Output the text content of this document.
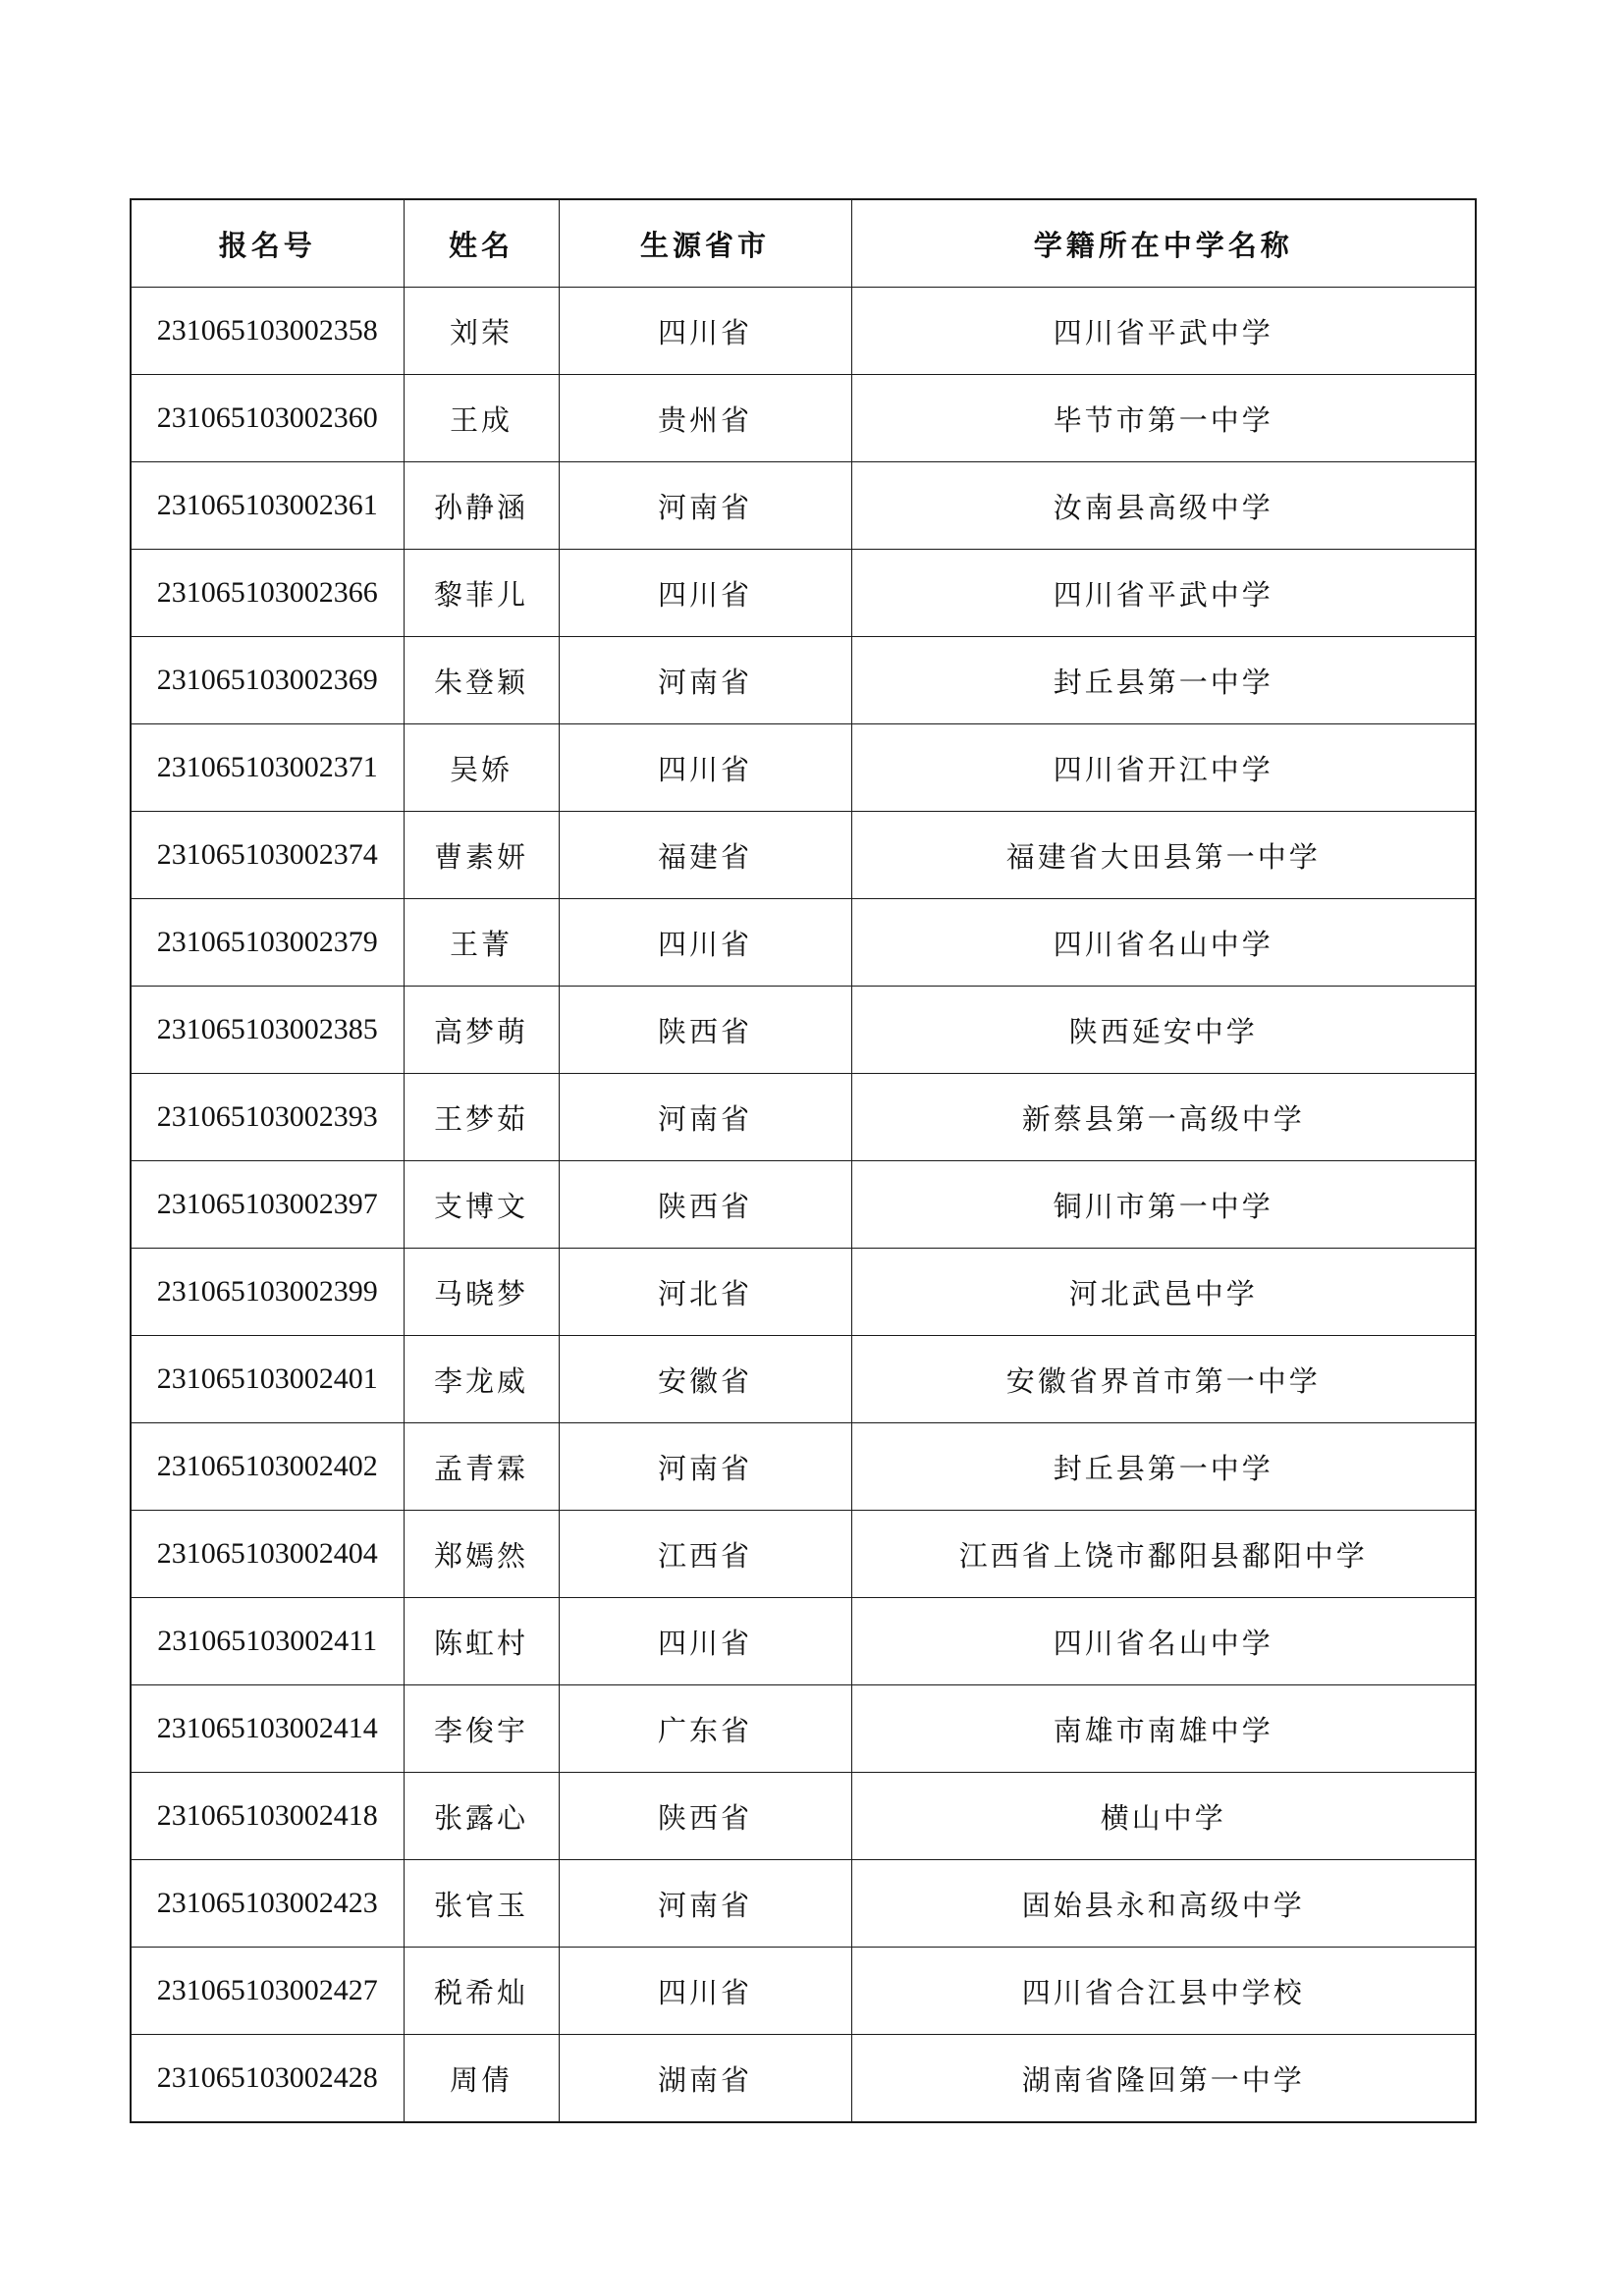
报名号	姓名	生源省市	学籍所在中学名称
231065103002358	刘荣	四川省	四川省平武中学
231065103002360	王成	贵州省	毕节市第一中学
231065103002361	孙静涵	河南省	汝南县高级中学
231065103002366	黎菲儿	四川省	四川省平武中学
231065103002369	朱登颖	河南省	封丘县第一中学
231065103002371	吴娇	四川省	四川省开江中学
231065103002374	曹素妍	福建省	福建省大田县第一中学
231065103002379	王菁	四川省	四川省名山中学
231065103002385	高梦萌	陕西省	陕西延安中学
231065103002393	王梦茹	河南省	新蔡县第一高级中学
231065103002397	支博文	陕西省	铜川市第一中学
231065103002399	马晓梦	河北省	河北武邑中学
231065103002401	李龙威	安徽省	安徽省界首市第一中学
231065103002402	孟青霖	河南省	封丘县第一中学
231065103002404	郑嫣然	江西省	江西省上饶市鄱阳县鄱阳中学
231065103002411	陈虹村	四川省	四川省名山中学
231065103002414	李俊宇	广东省	南雄市南雄中学
231065103002418	张露心	陕西省	横山中学
231065103002423	张官玉	河南省	固始县永和高级中学
231065103002427	税希灿	四川省	四川省合江县中学校
231065103002428	周倩	湖南省	湖南省隆回第一中学
